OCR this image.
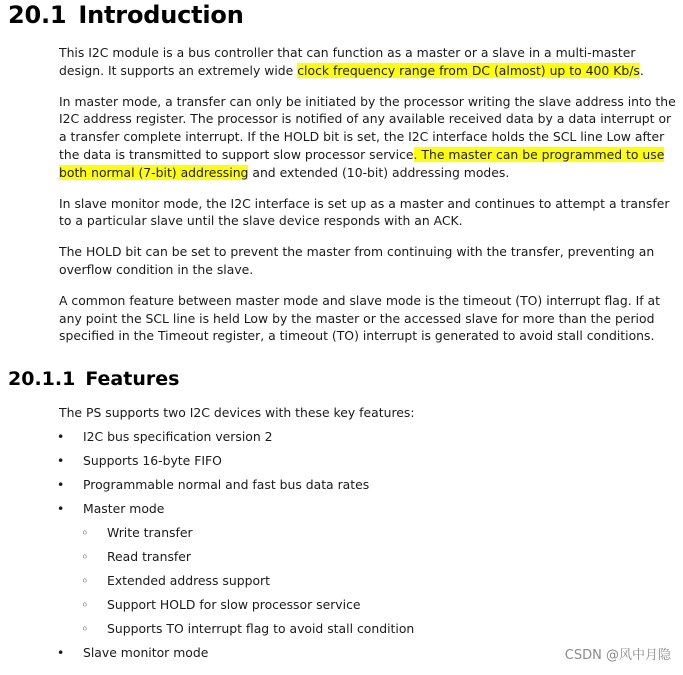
20.1 Introduction

This I2C module is a bus controller that can function as a master or a slave in a multi-master design. It supports an extremely wide clock frequency range from DC (almost) up to 400 Kb/s.

In master mode, a transfer can only be initiated by the processor writing the slave address into the I2C address register. The processor is notified of any available received data by a data interrupt or a transfer complete interrupt. If the HOLD bit is set, the I2C interface holds the SCL line Low after the data is transmitted to support slow processor service. The master can be programmed to use both normal (7-bit) addressing and extended (10-bit) addressing modes.

In slave monitor mode, the I2C interface is set up as a master and continues to attempt a transfer to a particular slave until the slave device responds with an ACK.

The HOLD bit can be set to prevent the master from continuing with the transfer, preventing an overflow condition in the slave.

A common feature between master mode and slave mode is the timeout (TO) interrupt flag. If at any point the SCL line is held Low by the master or the accessed slave for more than the period specified in the Timeout register, a timeout (TO) interrupt is generated to avoid stall conditions.

20.1.1 Features
The PS supports two I2C devices with these key features:
•
I2C bus specification version 2
•
Supports 16-byte FIFO
•
Programmable normal and fast bus data rates
•
Master mode
◦
Write transfer
◦
Read transfer
◦
Extended address support
◦
Support HOLD for slow processor service
◦
Supports TO interrupt flag to avoid stall condition
•
Slave monitor mode	CSDN @风中月隐
